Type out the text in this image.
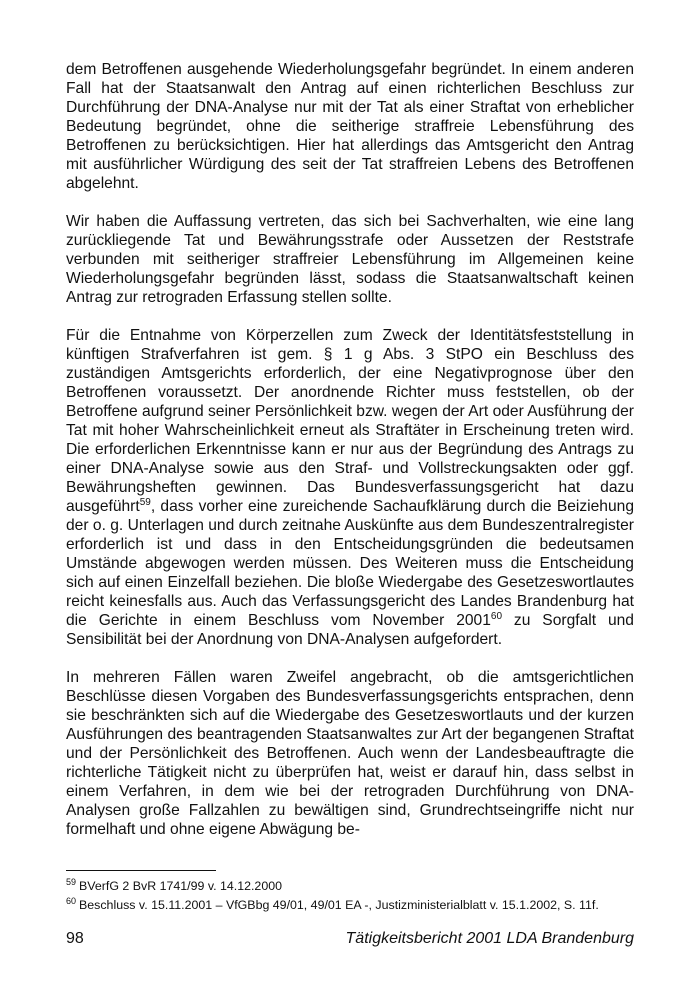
dem Betroffenen ausgehende Wiederholungsgefahr begründet. In einem anderen Fall hat der Staatsanwalt den Antrag auf einen richterlichen Beschluss zur Durchführung der DNA-Analyse nur mit der Tat als einer Straftat von erheblicher Bedeutung begründet, ohne die seitherige straffreie Lebensführung des Betroffenen zu berücksichtigen. Hier hat allerdings das Amtsgericht den Antrag mit ausführlicher Würdigung des seit der Tat straffreien Lebens des Betroffenen abgelehnt.

Wir haben die Auffassung vertreten, das sich bei Sachverhalten, wie eine lang zurückliegende Tat und Bewährungsstrafe oder Aussetzen der Reststrafe verbunden mit seitheriger straffreier Lebensführung im Allgemeinen keine Wiederholungsgefahr begründen lässt, sodass die Staatsanwaltschaft keinen Antrag zur retrograden Erfassung stellen sollte.

Für die Entnahme von Körperzellen zum Zweck der Identitätsfeststellung in künftigen Strafverfahren ist gem. § 1 g Abs. 3 StPO ein Beschluss des zuständigen Amtsgerichts erforderlich, der eine Negativprognose über den Betroffenen voraussetzt. Der anordnende Richter muss feststellen, ob der Betroffene aufgrund seiner Persönlichkeit bzw. wegen der Art oder Ausführung der Tat mit hoher Wahrscheinlichkeit erneut als Straftäter in Erscheinung treten wird. Die erforderlichen Erkenntnisse kann er nur aus der Begründung des Antrags zu einer DNA-Analyse sowie aus den Straf- und Vollstreckungsakten oder ggf. Bewährungsheften gewinnen. Das Bundesverfassungsgericht hat dazu ausgeführt$^{59}$, dass vorher eine zureichende Sachaufklärung durch die Beiziehung der o. g. Unterlagen und durch zeitnahe Auskünfte aus dem Bundeszentralregister erforderlich ist und dass in den Entscheidungsgründen die bedeutsamen Umstände abgewogen werden müssen. Des Weiteren muss die Entscheidung sich auf einen Einzelfall beziehen. Die bloße Wiedergabe des Gesetzeswortlautes reicht keinesfalls aus. Auch das Verfassungsgericht des Landes Brandenburg hat die Gerichte in einem Beschluss vom November 2001$^{60}$ zu Sorgfalt und Sensibilität bei der Anordnung von DNA-Analysen aufgefordert.

In mehreren Fällen waren Zweifel angebracht, ob die amtsgerichtlichen Beschlüsse diesen Vorgaben des Bundesverfassungsgerichts entsprachen, denn sie beschränkten sich auf die Wiedergabe des Gesetzeswortlauts und der kurzen Ausführungen des beantragenden Staatsanwaltes zur Art der begangenen Straftat und der Persönlichkeit des Betroffenen. Auch wenn der Landesbeauftragte die richterliche Tätigkeit nicht zu überprüfen hat, weist er darauf hin, dass selbst in einem Verfahren, in dem wie bei der retrograden Durchführung von DNA-Analysen große Fallzahlen zu bewältigen sind, Grundrechtseingriffe nicht nur formelhaft und ohne eigene Abwägung be-

$^{59}$ BVerfG 2 BvR 1741/99 v. 14.12.2000
$^{60}$ Beschluss v. 15.11.2001 – VfGBbg 49/01, 49/01 EA -, Justizministerialblatt v. 15.1.2002, S. 11f.
98	Tätigkeitsbericht 2001 LDA Brandenburg
